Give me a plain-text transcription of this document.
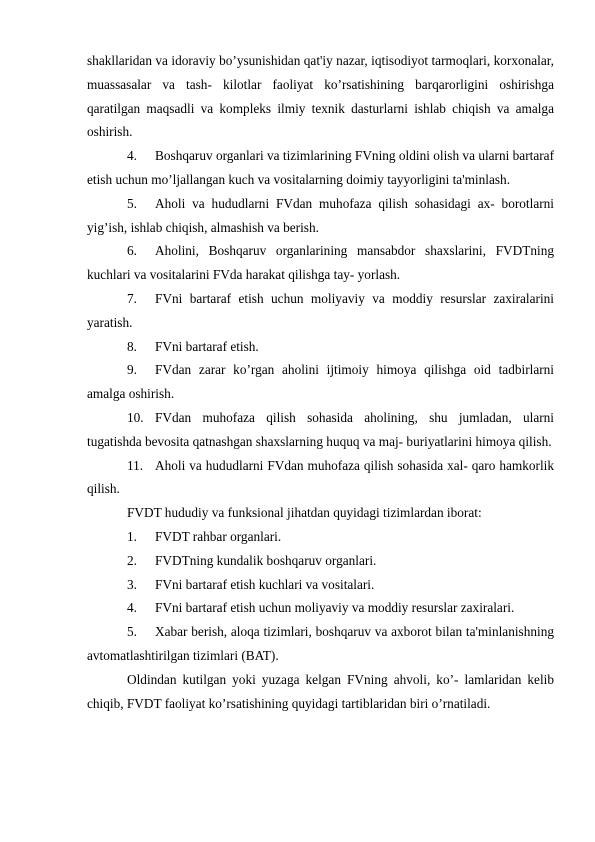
shakllaridan va idoraviy bo’ysunishidan qat'iy nazar, iqtisodiyot tarmoqlari, korxonalar, muassasalar va tash- kilotlar faoliyat ko’rsatishining barqarorligini oshirishga qaratilgan maqsadli va kompleks ilmiy texnik dasturlarni ishlab chiqish va amalga oshirish.

4. Boshqaruv organlari va tizimlarining FVning oldini olish va ularni bartaraf etish uchun mo’ljallangan kuch va vositalarning doimiy tayyorligini ta'minlash.

5. Aholi va hududlarni FVdan muhofaza qilish sohasidagi ax- borotlarni yig’ish, ishlab chiqish, almashish va berish.

6. Aholini, Boshqaruv organlarining mansabdor shaxslarini, FVDTning kuchlari va vositalarini FVda harakat qilishga tay- yorlash.

7. FVni bartaraf etish uchun moliyaviy va moddiy resurslar zaxiralarini yaratish.

8. FVni bartaraf etish.

9. FVdan zarar ko’rgan aholini ijtimoiy himoya qilishga oid tadbirlarni amalga oshirish.

10. FVdan muhofaza qilish sohasida aholining, shu jumladan, ularni tugatishda bevosita qatnashgan shaxslarning huquq va maj- buriyatlarini himoya qilish.

11. Aholi va hududlarni FVdan muhofaza qilish sohasida xal- qaro hamkorlik qilish.

FVDT hududiy va funksional jihatdan quyidagi tizimlardan iborat:

1. FVDT rahbar organlari.

2. FVDTning kundalik boshqaruv organlari.

3. FVni bartaraf etish kuchlari va vositalari.

4. FVni bartaraf etish uchun moliyaviy va moddiy resurslar zaxiralari.

5. Xabar berish, aloqa tizimlari, boshqaruv va axborot bilan ta'minlanishning avtomatlashtirilgan tizimlari (BAT).

Oldindan kutilgan yoki yuzaga kelgan FVning ahvoli, ko’- lamlaridan kelib chiqib, FVDT faoliyat ko’rsatishining quyidagi tartiblaridan biri o’rnatiladi.
